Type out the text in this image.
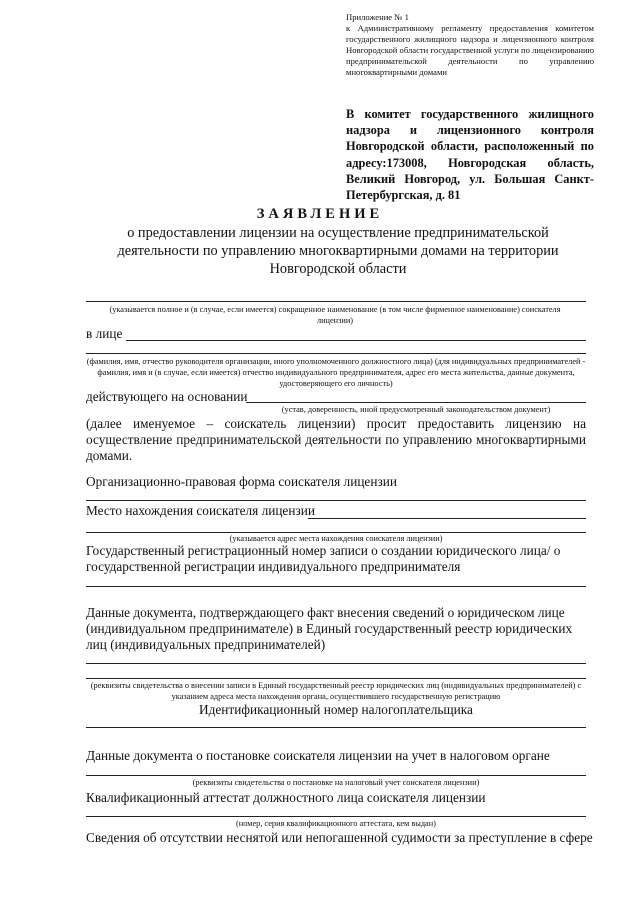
Приложение № 1
к Административному регламенту предоставления комитетом государственного жилищного надзора и лицензионного контроля Новгородской области государственной услуги по лицензированию предпринимательской деятельности по управлению многоквартирными домами
В комитет государственного жилищного надзора и лицензионного контроля Новгородской области, расположенный по адресу:173008, Новгородская область, Великий Новгород, ул. Большая Санкт-Петербургская, д. 81
ЗАЯВЛЕНИЕ
о предоставлении лицензии на осуществление предпринимательской деятельности по управлению многоквартирными домами на территории Новгородской области
(указывается полное и (в случае, если имеется) сокращенное наименование (в том числе фирменное наименование) соискателя лицензии)
в лице
(фамилия, имя, отчество руководителя организации, иного уполномоченного должностного лица) (для индивидуальных предпринимателей - фамилия, имя и (в случае, если имеется) отчество индивидуального предпринимателя, адрес его места жительства, данные документа, удостоверяющего его личность)
действующего на основании
(устав, доверенность, иной предусмотренный законодательством документ)
(далее именуемое – соискатель лицензии) просит предоставить лицензию на осуществление предпринимательской деятельности по управлению многоквартирными домами.
Организационно-правовая форма соискателя лицензии
Место нахождения соискателя лицензии
(указывается адрес места нахождения соискателя лицензии)
Государственный регистрационный номер записи о создании юридического лица/ о государственной регистрации индивидуального предпринимателя
Данные документа, подтверждающего факт внесения сведений о юридическом лице (индивидуальном предпринимателе) в Единый государственный реестр юридических лиц (индивидуальных предпринимателей)
(реквизиты свидетельства о внесении записи в Единый государственный реестр юридических лиц (индивидуальных предпринимателей) с указанием адреса места нахождения органа, осуществившего государственную регистрацию
Идентификационный номер налогоплательщика
Данные документа о постановке соискателя лицензии на учет в налоговом органе
(реквизиты свидетельства о постановке на налоговый учет соискателя лицензии)
Квалификационный аттестат должностного лица соискателя лицензии
(номер, серия квалификационного аттестата, кем выдан)
Сведения об отсутствии неснятой или непогашенной судимости за преступление в сфере
